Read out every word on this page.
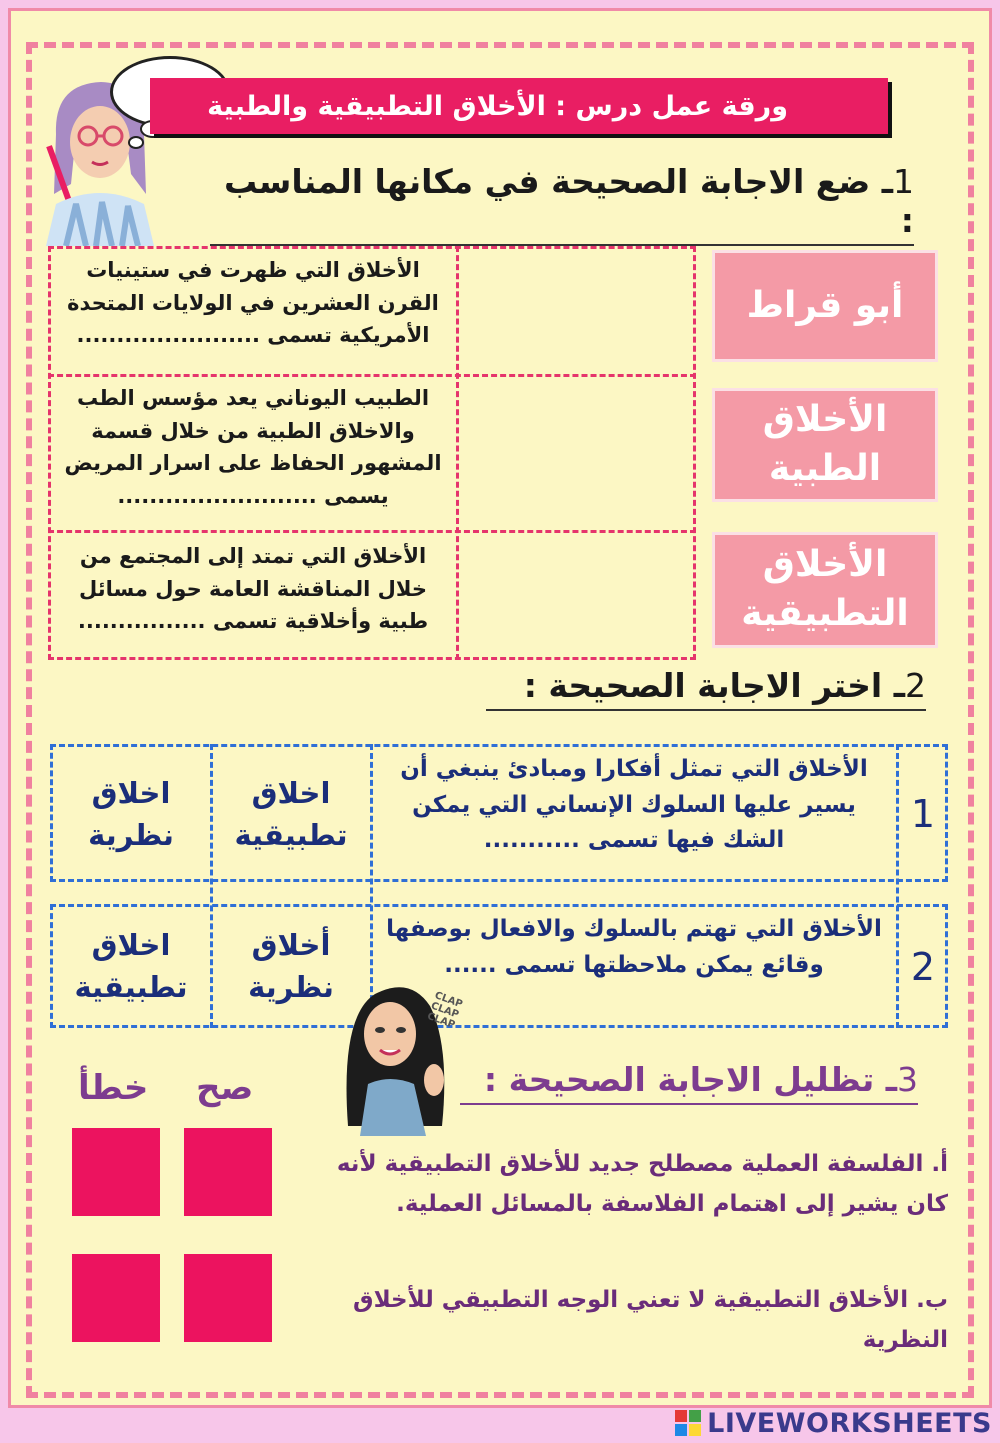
ورقة عمل درس : الأخلاق التطبيقية والطبية
1ـ ضع الاجابة الصحيحة في مكانها المناسب :
الأخلاق التي ظهرت في ستينيات القرن العشرين في الولايات المتحدة الأمريكية تسمى .......................
الطبيب اليوناني يعد مؤسس الطب والاخلاق الطبية من خلال قسمة المشهور الحفاظ على اسرار المريض يسمى .........................
الأخلاق التي تمتد إلى المجتمع من خلال المناقشة العامة حول مسائل طبية وأخلاقية تسمى ................
أبو قراط
الأخلاق الطبية
الأخلاق التطبيقية
2ـ اختر الاجابة الصحيحة :
1
الأخلاق التي تمثل أفكارا ومبادئ ينبغي أن يسير عليها السلوك الإنساني التي يمكن الشك فيها تسمى ...........
اخلاق تطبيقية
اخلاق نظرية
2
الأخلاق التي تهتم بالسلوك والافعال بوصفها وقائع يمكن ملاحظتها تسمى ......
أخلاق نظرية
اخلاق تطبيقية	CLAP CLAP CLAP
3ـ تظليل الاجابة الصحيحة :
صح
خطأ
أ. الفلسفة العملية مصطلح جديد للأخلاق التطبيقية لأنه كان يشير إلى اهتمام الفلاسفة بالمسائل العملية.
ب. الأخلاق التطبيقية لا تعني الوجه التطبيقي للأخلاق النظرية
LIVEWORKSHEETS
